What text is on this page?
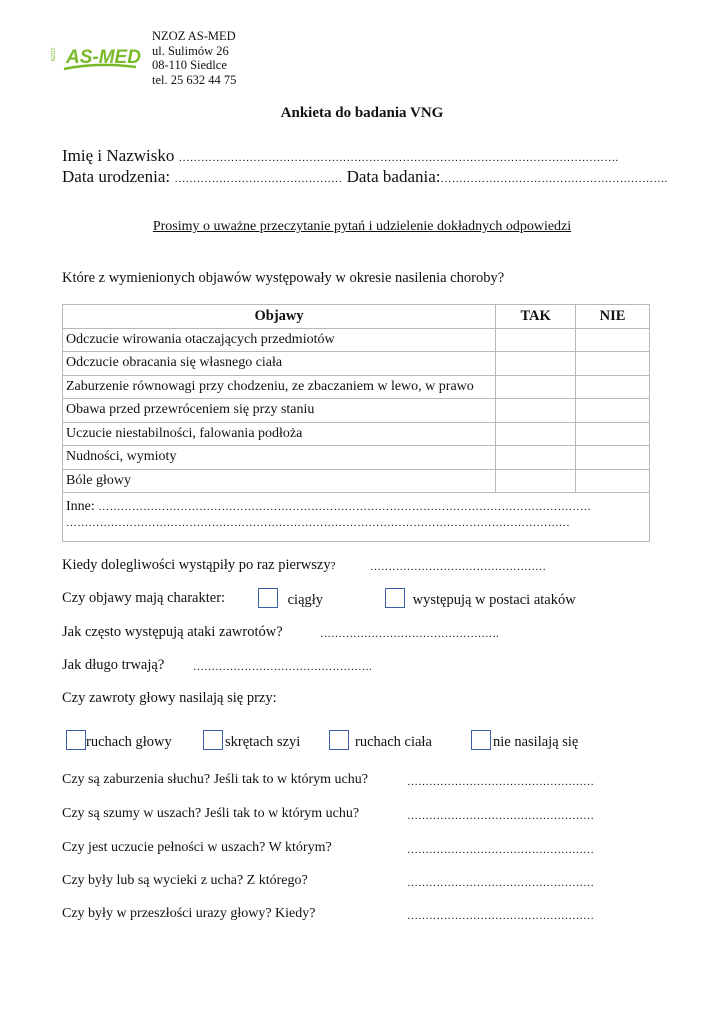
NZOZ AS-MED
NZOZ AS-MED
ul. Sulimów 26
08-110 Siedlce
tel. 25 632 44 75
Ankieta do badania VNG
Imię i Nazwisko ……………………………………………………………………………………………………….
Data urodzenia: ……………………………………… Data badania:…………………………………………………….
Prosimy o uważne przeczytanie pytań i udzielenie dokładnych odpowiedzi
Które z wymienionych objawów występowały w okresie nasilenia choroby?
Objawy	TAK	NIE
Odczucie wirowania otaczających przedmiotów		
Odczucie obracania się własnego ciała		
Zaburzenie równowagi przy chodzeniu, ze zbaczaniem w lewo, w prawo		
Obawa przed przewróceniem się przy staniu		
Uczucie niestabilności, falowania podłoża		
Nudności, wymioty		
Bóle głowy		
Inne: ……………………………………………………………………………………………………………………
………………………………………………………………………………………………………………………		
Kiedy dolegliwości wystąpiły po raz pierwszy?	…………………………………………
Czy objawy mają charakter:	ciągły	występują w postaci ataków
Jak często występują ataki zawrotów?	………………………………………….
Jak długo trwają?	………………………………………….
Czy zawroty głowy nasilają się przy:
ruchach głowy	skrętach szyi	ruchach ciała	nie nasilają się
Czy są zaburzenia słuchu? Jeśli tak to w którym uchu?	……………………………………………
Czy są szumy w uszach? Jeśli tak to w którym uchu?	……………………………………………
Czy jest uczucie pełności w uszach? W którym?	……………………………………………
Czy były lub są wycieki z ucha? Z którego?	……………………………………………
Czy były w przeszłości urazy głowy? Kiedy?	……………………………………………
